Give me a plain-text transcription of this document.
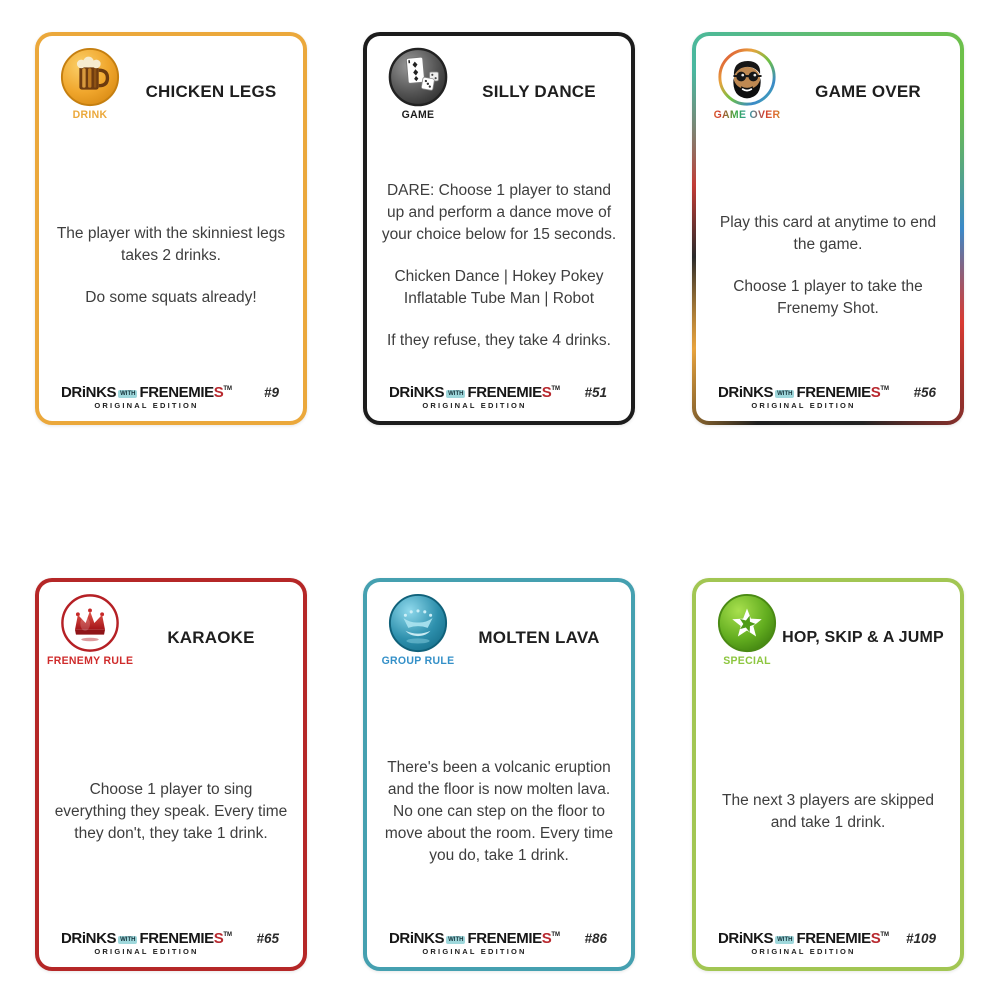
DRINK
CHICKEN LEGS

The player with the skinniest legs takes 2 drinks.

Do some squats already!

DRiNKS WITH FRENEMIES™
ORIGINAL EDITION
#9
GAME
SILLY DANCE

DARE: Choose 1 player to stand up and perform a dance move of your choice below for 15 seconds.

Chicken Dance | Hokey Pokey Inflatable Tube Man | Robot

If they refuse, they take 4 drinks.

DRiNKS WITH FRENEMIES™
ORIGINAL EDITION
#51
GAME OVER
GAME OVER

Play this card at anytime to end the game.

Choose 1 player to take the Frenemy Shot.

DRiNKS WITH FRENEMIES™
ORIGINAL EDITION
#56
FRENEMY RULE
KARAOKE

Choose 1 player to sing everything they speak. Every time they don't, they take 1 drink.

DRiNKS WITH FRENEMIES™
ORIGINAL EDITION
#65
GROUP RULE
MOLTEN LAVA

There's been a volcanic eruption and the floor is now molten lava. No one can step on the floor to move about the room. Every time you do, take 1 drink.

DRiNKS WITH FRENEMIES™
ORIGINAL EDITION
#86
SPECIAL
HOP, SKIP & A JUMP

The next 3 players are skipped and take 1 drink.

DRiNKS WITH FRENEMIES™
ORIGINAL EDITION
#109
